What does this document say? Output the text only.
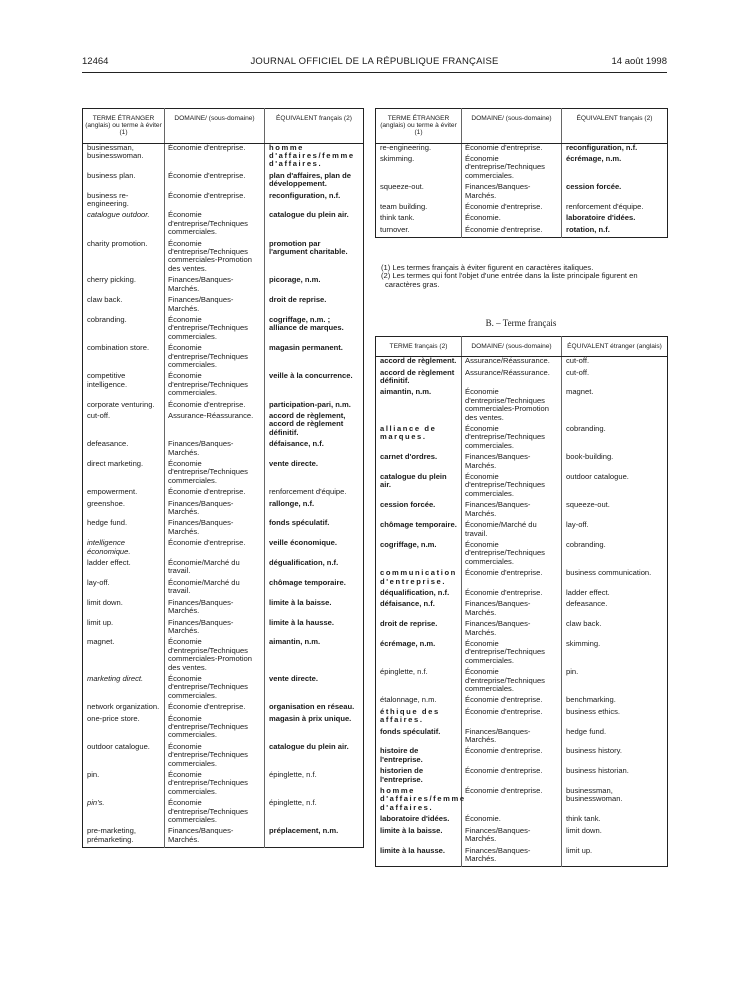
12464	JOURNAL OFFICIEL DE LA RÉPUBLIQUE FRANÇAISE	14 août 1998
TERME ÉTRANGER (anglais) ou terme à éviter (1)	DOMAINE/ (sous-domaine)	ÉQUIVALENT français (2)
businessman, businesswoman.	Économie d'entreprise.	homme d'affaires/femme d'affaires.

business plan.	Économie d'entreprise.	plan d'affaires, plan de développement.

business re-engineering.	Économie d'entreprise.	reconfiguration, n.f.

catalogue outdoor.	Économie d'entreprise/Techniques commerciales.	catalogue du plein air.

charity promotion.	Économie d'entreprise/Techniques commerciales-Promotion des ventes.	promotion par l'argument charitable.

cherry picking.	Finances/Banques-Marchés.	picorage, n.m.

claw back.	Finances/Banques-Marchés.	droit de reprise.

cobranding.	Économie d'entreprise/Techniques commerciales.	cogriffage, n.m. ; alliance de marques.

combination store.	Économie d'entreprise/Techniques commerciales.	magasin permanent.

competitive intelligence.	Économie d'entreprise/Techniques commerciales.	veille à la concurrence.

corporate venturing.	Économie d'entreprise.	participation-pari, n.m.

cut-off.	Assurance-Réassurance.	accord de règlement, accord de règlement définitif.

defeasance.	Finances/Banques-Marchés.	défaisance, n.f.

direct marketing.	Économie d'entreprise/Techniques commerciales.	vente directe.

empowerment.	Économie d'entreprise.	renforcement d'équipe.

greenshoe.	Finances/Banques-Marchés.	rallonge, n.f.

hedge fund.	Finances/Banques-Marchés.	fonds spéculatif.

intelligence économique.	Économie d'entreprise.	veille économique.

ladder effect.	Économie/Marché du travail.	dégualification, n.f.

lay-off.	Économie/Marché du travail.	chômage temporaire.

limit down.	Finances/Banques-Marchés.	limite à la baisse.

limit up.	Finances/Banques-Marchés.	limite à la hausse.

magnet.	Économie d'entreprise/Techniques commerciales-Promotion des ventes.	aimantin, n.m.

marketing direct.	Économie d'entreprise/Techniques commerciales.	vente directe.

network organization.	Économie d'entreprise.	organisation en réseau.

one-price store.	Économie d'entreprise/Techniques commerciales.	magasin à prix unique.

outdoor catalogue.	Économie d'entreprise/Techniques commerciales.	catalogue du plein air.

pin.	Économie d'entreprise/Techniques commerciales.	épinglette, n.f.

pin's.	Économie d'entreprise/Techniques commerciales.	épinglette, n.f.

pre-marketing, prémarketing.	Finances/Banques-Marchés.	préplacement, n.m.

TERME ÉTRANGER (anglais) ou terme à éviter (1)	DOMAINE/ (sous-domaine)	ÉQUIVALENT français (2)
re-engineering.	Économie d'entreprise.	reconfiguration, n.f.

skimming.	Économie d'entreprise/Techniques commerciales.	écrémage, n.m.

squeeze-out.	Finances/Banques-Marchés.	cession forcée.

team building.	Économie d'entreprise.	renforcement d'équipe.

think tank.	Économie.	laboratoire d'idées.

turnover.	Économie d'entreprise.	rotation, n.f.

(1) Les termes français à éviter figurent en caractères italiques.

(2) Les termes qui font l'objet d'une entrée dans la liste principale figurent en caractères gras.

B. – Terme français
TERME français (2)	DOMAINE/ (sous-domaine)	ÉQUIVALENT étranger (anglais)
accord de règlement.	Assurance/Réassurance.	cut-off.

accord de règlement définitif.	Assurance/Réassurance.	cut-off.

aimantin, n.m.	Économie d'entreprise/Techniques commerciales-Promotion des ventes.	magnet.

alliance de marques.	Économie d'entreprise/Techniques commerciales.	cobranding.

carnet d'ordres.	Finances/Banques-Marchés.	book-building.

catalogue du plein air.	Économie d'entreprise/Techniques commerciales.	outdoor catalogue.

cession forcée.	Finances/Banques-Marchés.	squeeze-out.

chômage temporaire.	Économie/Marché du travail.	lay-off.

cogriffage, n.m.	Économie d'entreprise/Techniques commerciales.	cobranding.

communication d'entreprise.	Économie d'entreprise.	business communication.

déqualification, n.f.	Économie d'entreprise.	ladder effect.

défaisance, n.f.	Finances/Banques-Marchés.	defeasance.

droit de reprise.	Finances/Banques-Marchés.	claw back.

écrémage, n.m.	Économie d'entreprise/Techniques commerciales.	skimming.

épinglette, n.f.	Économie d'entreprise/Techniques commerciales.	pin.

étalonnage, n.m.	Économie d'entreprise.	benchmarking.

éthique des affaires.	Économie d'entreprise.	business ethics.

fonds spéculatif.	Finances/Banques-Marchés.	hedge fund.

histoire de l'entreprise.	Économie d'entreprise.	business history.

historien de l'entreprise.	Économie d'entreprise.	business historian.

homme d'affaires/femme d'affaires.	Économie d'entreprise.	businessman, businesswoman.

laboratoire d'idées.	Économie.	think tank.

limite à la baisse.	Finances/Banques-Marchés.	limit down.

limite à la hausse.	Finances/Banques-Marchés.	limit up.
